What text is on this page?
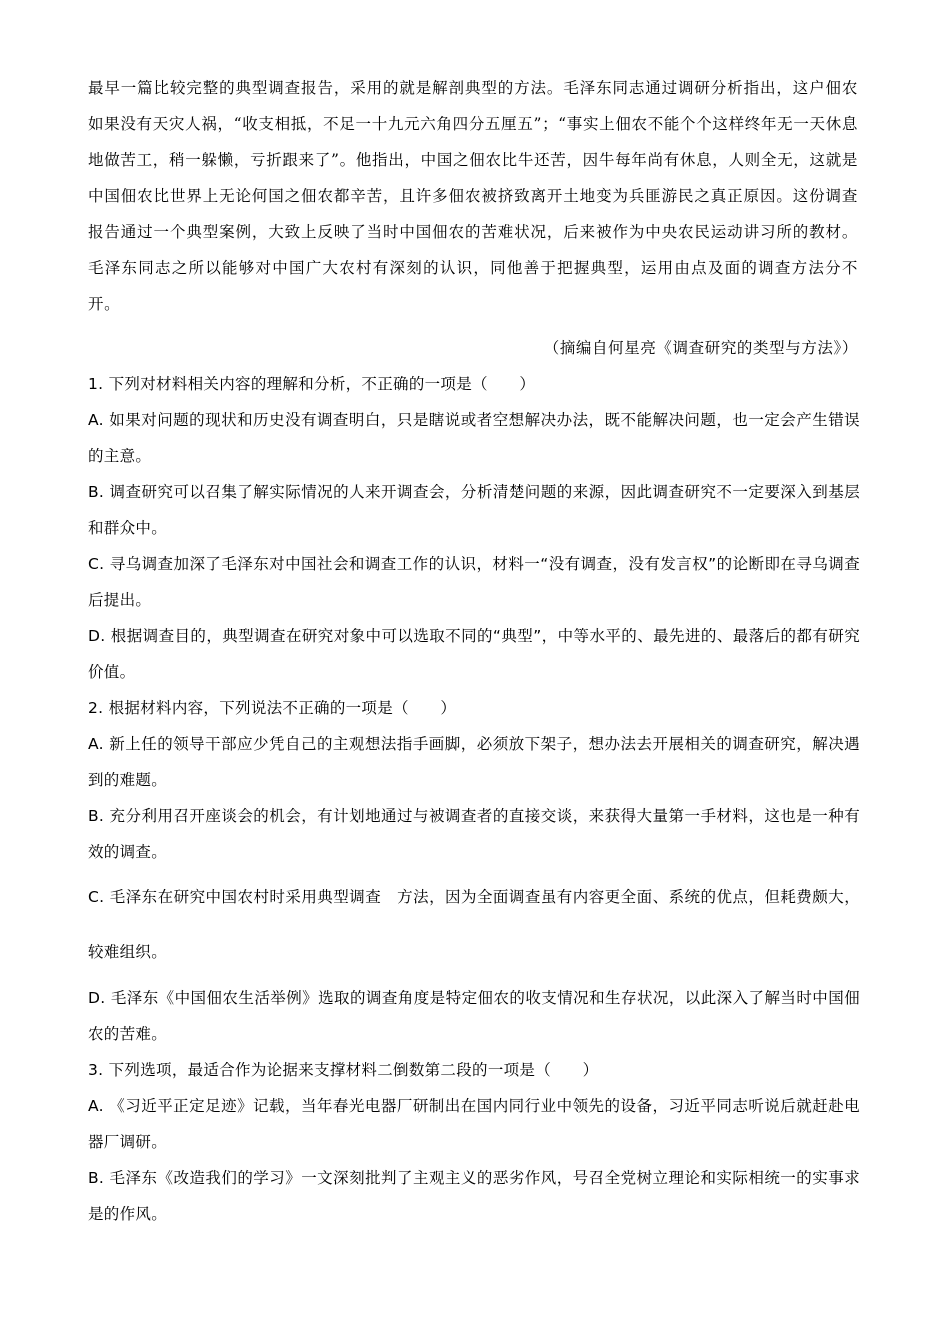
最早一篇比较完整的典型调查报告，采用的就是解剖典型的方法。毛泽东同志通过调研分析指出，这户佃农如果没有天灾人祸，“收支相抵，不足一十九元六角四分五厘五”；“事实上佃农不能个个这样终年无一天休息地做苦工，稍一躲懒，亏折跟来了”。他指出，中国之佃农比牛还苦，因牛每年尚有休息，人则全无，这就是中国佃农比世界上无论何国之佃农都辛苦，且许多佃农被挤致离开土地变为兵匪游民之真正原因。这份调查报告通过一个典型案例，大致上反映了当时中国佃农的苦难状况，后来被作为中央农民运动讲习所的教材。毛泽东同志之所以能够对中国广大农村有深刻的认识，同他善于把握典型，运用由点及面的调查方法分不开。
（摘编自何星亮《调查研究的类型与方法》）

1. 下列对材料相关内容的理解和分析，不正确的一项是（　　）

A. 如果对问题的现状和历史没有调查明白，只是瞎说或者空想解决办法，既不能解决问题，也一定会产生错误的主意。

B. 调查研究可以召集了解实际情况的人来开调查会，分析清楚问题的来源，因此调查研究不一定要深入到基层和群众中。

C. 寻乌调查加深了毛泽东对中国社会和调查工作的认识，材料一“没有调查，没有发言权”的论断即在寻乌调查后提出。

D. 根据调查目的，典型调查在研究对象中可以选取不同的“典型”，中等水平的、最先进的、最落后的都有研究价值。

2. 根据材料内容，下列说法不正确的一项是（　　）

A. 新上任的领导干部应少凭自己的主观想法指手画脚，必须放下架子，想办法去开展相关的调查研究，解决遇到的难题。

B. 充分利用召开座谈会的机会，有计划地通过与被调查者的直接交谈，来获得大量第一手材料，这也是一种有效的调查。

C. 毛泽东在研究中国农村时采用典型调查　方法，因为全面调查虽有内容更全面、系统的优点，但耗费颇大，较难组织。

D. 毛泽东《中国佃农生活举例》选取的调查角度是特定佃农的收支情况和生存状况，以此深入了解当时中国佃农的苦难。

3. 下列选项，最适合作为论据来支撑材料二倒数第二段的一项是（　　）

A. 《习近平正定足迹》记载，当年春光电器厂研制出在国内同行业中领先的设备，习近平同志听说后就赶赴电器厂调研。

B. 毛泽东《改造我们的学习》一文深刻批判了主观主义的恶劣作风，号召全党树立理论和实际相统一的实事求是的作风。
